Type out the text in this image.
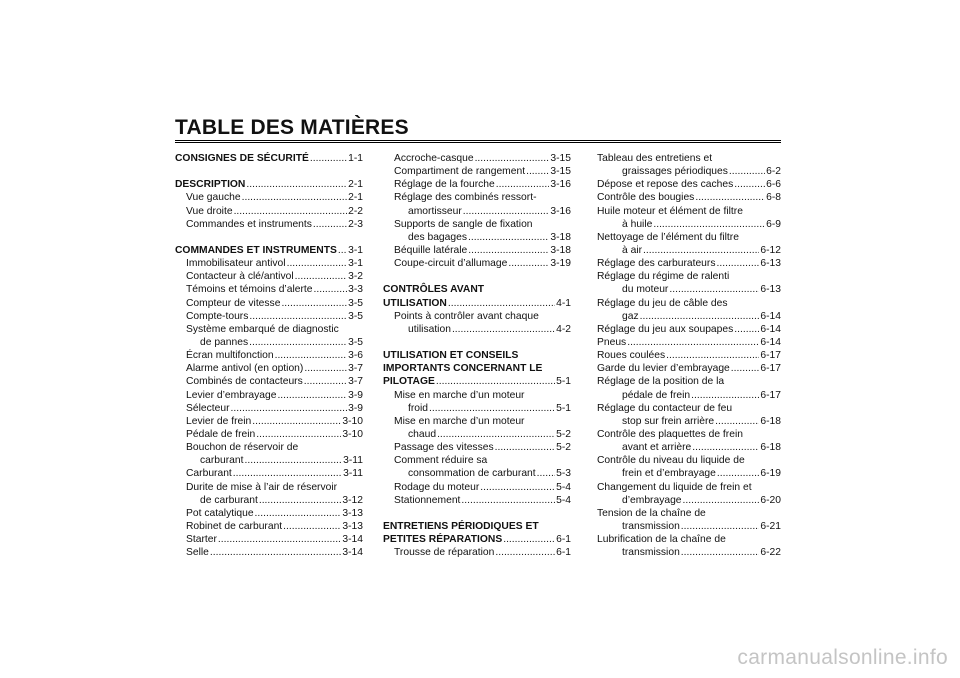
TABLE DES MATIÈRES
CONSIGNES DE SÉCURITÉ .....	1-1
DESCRIPTION .....	2-1
Vue gauche .....	2-1
Vue droite .....	2-2
Commandes et instruments .....	2-3
COMMANDES ET INSTRUMENTS ..... 3-1
Immobilisateur antivol .....	3-1
Contacteur à clé/antivol .....	3-2
Témoins et témoins d’alerte .....	3-3
Compteur de vitesse .....	3-5
Compte-tours .....	3-5
Système embarqué de diagnostic
de pannes .....	3-5
Écran multifonction .....	3-6
Alarme antivol (en option) .....	3-7
Combinés de contacteurs .....	3-7
Levier d’embrayage .....	3-9
Sélecteur .....	3-9
Levier de frein .....	3-10
Pédale de frein .....	3-10
Bouchon de réservoir de
carburant .....	3-11
Carburant .....	3-11
Durite de mise à l’air de réservoir
de carburant .....	3-12
Pot catalytique .....	3-13
Robinet de carburant .....	3-13
Starter .....	3-14
Selle .....	3-14
Accroche-casque .....	3-15
Compartiment de rangement ..... 3-15
Réglage de la fourche .....	3-16
Réglage des combinés ressort-
amortisseur .....	3-16
Supports de sangle de fixation
des bagages .....	3-18
Béquille latérale .....	3-18
Coupe-circuit d’allumage .....	3-19
CONTRÔLES AVANT
UTILISATION .....	4-1
Points à contrôler avant chaque
utilisation .....	4-2
UTILISATION ET CONSEILS
IMPORTANTS CONCERNANT LE
PILOTAGE .....	5-1
Mise en marche d’un moteur
froid .....	5-1
Mise en marche d’un moteur
chaud .....	5-2
Passage des vitesses .....	5-2
Comment réduire sa
consommation de carburant ..... 5-3
Rodage du moteur .....	5-4
Stationnement .....	5-4
ENTRETIENS PÉRIODIQUES ET
PETITES RÉPARATIONS .....	6-1
Trousse de réparation .....	6-1
Tableau des entretiens et
graissages périodiques .....	6-2
Dépose et repose des caches .....	6-6
Contrôle des bougies .....	6-8
Huile moteur et élément de filtre
à huile .....	6-9
Nettoyage de l’élément du filtre
à air .....	6-12
Réglage des carburateurs .....	6-13
Réglage du régime de ralenti
du moteur .....	6-13
Réglage du jeu de câble des
gaz .....	6-14
Réglage du jeu aux soupapes .....	6-14
Pneus .....	6-14
Roues coulées .....	6-17
Garde du levier d’embrayage .....	6-17
Réglage de la position de la
pédale de frein .....	6-17
Réglage du contacteur de feu
stop sur frein arrière .....	6-18
Contrôle des plaquettes de frein
avant et arrière .....	6-18
Contrôle du niveau du liquide de
frein et d’embrayage .....	6-19
Changement du liquide de frein et
d’embrayage .....	6-20
Tension de la chaîne de
transmission .....	6-21
Lubrification de la chaîne de
transmission .....	6-22
carmanualsonline.info
